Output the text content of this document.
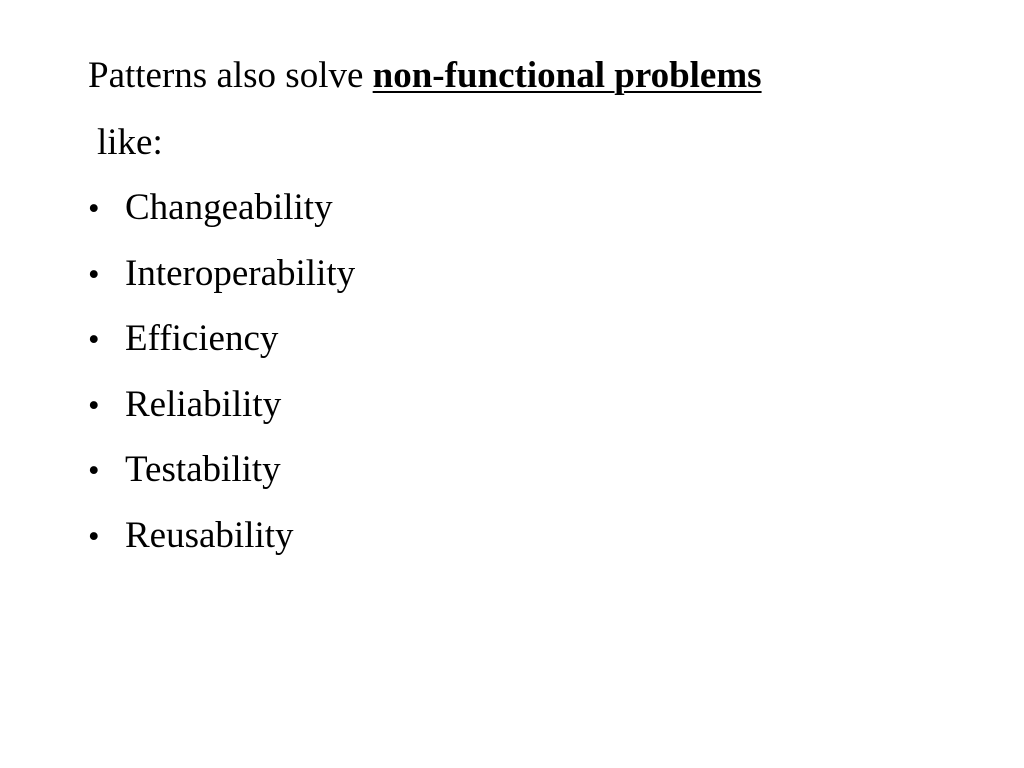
Patterns also solve non-functional problems

like:

• Changeability
• Interoperability
• Efficiency
• Reliability
• Testability
• Reusability
